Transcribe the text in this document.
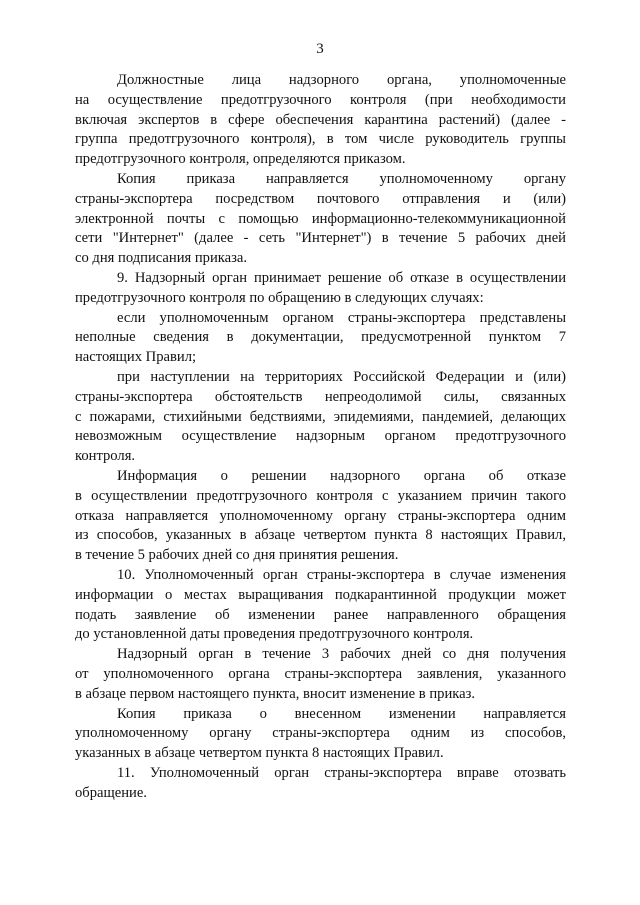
3
Должностные лица надзорного органа, уполномоченные
на осуществление предотгрузочного контроля (при необходимости
включая экспертов в сфере обеспечения карантина растений) (далее -
группа предотгрузочного контроля), в том числе руководитель группы
предотгрузочного контроля, определяются приказом.
Копия приказа направляется уполномоченному органу
страны-экспортера посредством почтового отправления и (или)
электронной почты с помощью информационно-телекоммуникационной
сети "Интернет" (далее - сеть "Интернет") в течение 5 рабочих дней
со дня подписания приказа.
9. Надзорный орган принимает решение об отказе в осуществлении
предотгрузочного контроля по обращению в следующих случаях:
если уполномоченным органом страны-экспортера представлены
неполные сведения в документации, предусмотренной пунктом 7
настоящих Правил;
при наступлении на территориях Российской Федерации и (или)
страны-экспортера обстоятельств непреодолимой силы, связанных
с пожарами, стихийными бедствиями, эпидемиями, пандемией, делающих
невозможным осуществление надзорным органом предотгрузочного
контроля.
Информация о решении надзорного органа об отказе
в осуществлении предотгрузочного контроля с указанием причин такого
отказа направляется уполномоченному органу страны-экспортера одним
из способов, указанных в абзаце четвертом пункта 8 настоящих Правил,
в течение 5 рабочих дней со дня принятия решения.
10. Уполномоченный орган страны-экспортера в случае изменения
информации о местах выращивания подкарантинной продукции может
подать заявление об изменении ранее направленного обращения
до установленной даты проведения предотгрузочного контроля.
Надзорный орган в течение 3 рабочих дней со дня получения
от уполномоченного органа страны-экспортера заявления, указанного
в абзаце первом настоящего пункта, вносит изменение в приказ.
Копия приказа о внесенном изменении направляется
уполномоченному органу страны-экспортера одним из способов,
указанных в абзаце четвертом пункта 8 настоящих Правил.
11. Уполномоченный орган страны-экспортера вправе отозвать
обращение.
